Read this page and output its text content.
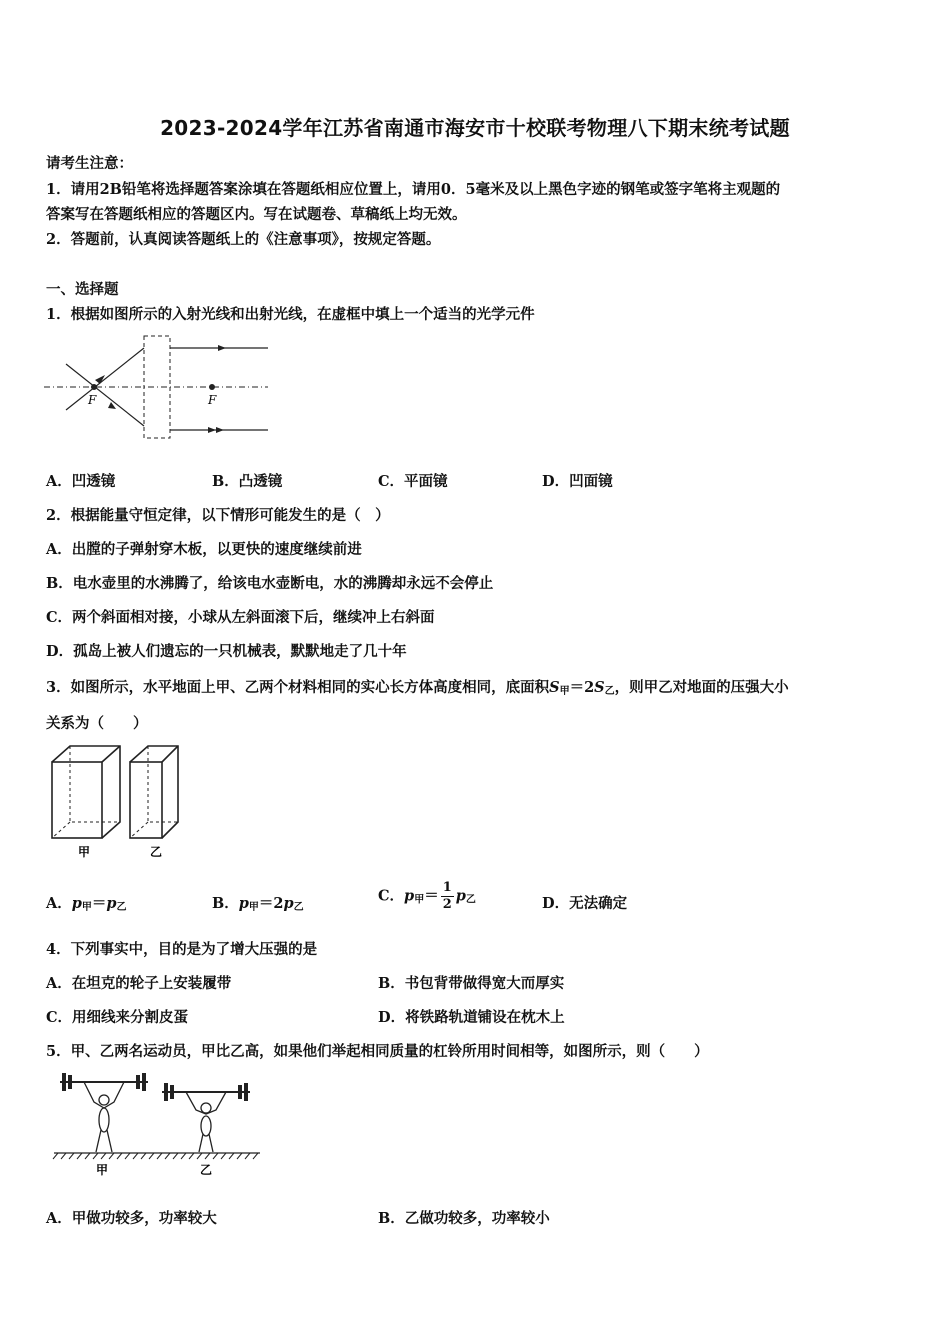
2023-2024学年江苏省南通市海安市十校联考物理八下期末统考试题
请考生注意：
1．请用2B铅笔将选择题答案涂填在答题纸相应位置上，请用0．5毫米及以上黑色字迹的钢笔或签字笔将主观题的
答案写在答题纸相应的答题区内。写在试题卷、草稿纸上均无效。
2．答题前，认真阅读答题纸上的《注意事项》，按规定答题。
一、选择题
1．根据如图所示的入射光线和出射光线，在虚框中填上一个适当的光学元件
F	F
A．凹透镜	B．凸透镜	C．平面镜	D．凹面镜
2．根据能量守恒定律，以下情形可能发生的是（　）
A．出膛的子弹射穿木板，以更快的速度继续前进
B．电水壶里的水沸腾了，给该电水壶断电，水的沸腾却永远不会停止
C．两个斜面相对接，小球从左斜面滚下后，继续冲上右斜面
D．孤岛上被人们遗忘的一只机械表，默默地走了几十年
3．如图所示，水平地面上甲、乙两个材料相同的实心长方体高度相同，底面积$S_甲=2S_乙$，则甲乙对地面的压强大小
关系为（　　）
甲	乙
A．$p_甲=p_乙$	B．$p_甲=2p_乙$
C．$p_甲= \frac{1}{2} p_乙$	D．无法确定
4．下列事实中，目的是为了增大压强的是
A．在坦克的轮子上安装履带	B．书包背带做得宽大而厚实
C．用细线来分割皮蛋	D．将铁路轨道铺设在枕木上
5．甲、乙两名运动员，甲比乙高，如果他们举起相同质量的杠铃所用时间相等，如图所示，则（　　）
甲	乙
A．甲做功较多，功率较大	B．乙做功较多，功率较小
